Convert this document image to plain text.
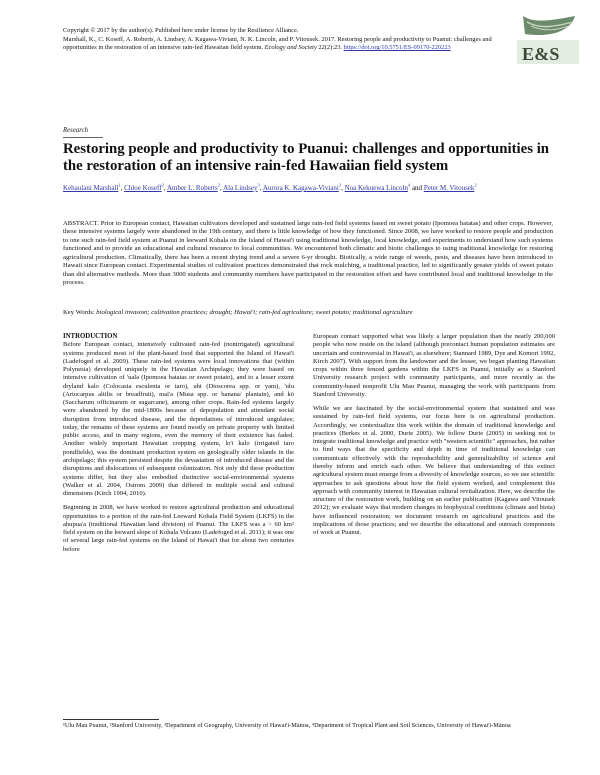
Copyright © 2017 by the author(s). Published here under license by the Resilience Alliance.
Marshall, K., C. Koseff, A. Roberts, A. Lindsey, A. Kagawa-Viviani, N. K. Lincoln, and P. Vitousek. 2017. Restoring people and productivity to Puanui: challenges and opportunities in the restoration of an intensive rain-fed Hawaiian field system. Ecology and Society 22(2):23. https://doi.org/10.5751/ES-09170-220223	E&S
Research
Restoring people and productivity to Puanui: challenges and opportunities in the restoration of an intensive rain-fed Hawaiian field system
Kehaulani Marshall$^1$, Chloe Koseff$^2$, Amber L. Roberts$^2$, Ala Lindsey$^3$, Aurora K. Kagawa-Viviani$^3$, Noa Kekuewa Lincoln$^4$ and Peter M. Vitousek$^2$
ABSTRACT. Prior to European contact, Hawaiian cultivators developed and sustained large rain-fed field systems based on sweet potato (Ipomoea batatas) and other crops. However, these intensive systems largely were abandoned in the 19th century, and there is little knowledge of how they functioned. Since 2008, we have worked to restore people and production to one such rain-fed field system at Puanui in leeward Kohala on the Island of Hawai'i using traditional knowledge, local knowledge, and experiments to understand how such systems functioned and to provide an educational and cultural resource to local communities. We encountered both climatic and biotic challenges to using traditional knowledge for restoring agricultural production. Climatically, there has been a recent drying trend and a severe 6-yr drought. Biotically, a wide range of weeds, pests, and diseases have been introduced to Hawaii since European contact. Experimental studies of cultivation practices demonstrated that rock mulching, a traditional practice, led to significantly greater yields of sweet potato than did alternative methods. More than 3000 students and community members have participated in the restoration effort and have contributed local and traditional knowledge in the process.
Key Words: biological invasion; cultivation practices; drought; Hawai'i; rain-fed agriculture; sweet potato; traditional agriculture
INTRODUCTION

Before European contact, intensively cultivated rain-fed (nonirrigated) agricultural systems produced most of the plant-based food that supported the Island of Hawai'i (Ladefoged et al. 2009). These rain-fed systems were local innovations that (within Polynesia) developed uniquely in the Hawaiian Archipelago; they were based on intensive cultivation of 'uala (Ipomoea batatas or sweet potato), and to a lesser extent dryland kalo (Colocasia esculenta or taro), uhi (Dioscorea spp. or yam), 'ulu (Artocarpus altilis or breadfruit), mai'a (Musa spp. or banana/ plantain), and kō (Saccharum officinarum or sugarcane), among other crops. Rain-fed systems largely were abandoned by the mid-1800s because of depopulation and attendant social disruption from introduced disease, and the depredations of introduced ungulates; today, the remains of these systems are found mostly on private property with limited public access, and in many regions, even the memory of their existence has faded. Another widely important Hawaiian cropping system, lo'i kalo (irrigated taro pondfields), was the dominant production system on geologically older islands in the archipelago; this system persisted despite the devastation of introduced disease and the disruptions and dislocations of subsequent colonization. Not only did these production systems differ, but they also embodied distinctive social-environmental systems (Walker et al. 2004, Ostrom 2009) that differed in multiple social and cultural dimensions (Kirch 1994, 2010).

Beginning in 2008, we have worked to restore agricultural production and educational opportunities to a portion of the rain-fed Leeward Kohala Field System (LKFS) in the ahupua'a (traditional Hawaiian land division) of Puanui. The LKFS was a > 60 km² field system on the leeward slope of Kohala Volcano (Ladefoged et al. 2011); it was one of several large rain-fed systems on the Island of Hawai'i that for about two centuries before

European contact supported what was likely a larger population than the nearly 200,000 people who now reside on the island (although precontact human population estimates are uncertain and controversial in Hawai'i, as elsewhere; Stannard 1989, Dye and Komori 1992, Kirch 2007). With support from the landowner and the lessee, we began planting Hawaiian crops within three fenced gardens within the LKFS in Puanui, initially as a Stanford University research project with community participants, and more recently as the community-based nonprofit Ulu Mau Puanui, managing the work with participants from Stanford University.

While we are fascinated by the social-environmental system that sustained and was sustained by rain-fed field systems, our focus here is on agricultural production. Accordingly, we contextualize this work within the domain of traditional knowledge and practices (Berkes et al. 2000, Durie 2005). We follow Durie (2005) in seeking not to integrate traditional knowledge and practice with "western scientific" approaches, but rather to find ways that the specificity and depth in time of traditional knowledge can communicate effectively with the reproducibility and generalizability of science and thereby inform and enrich each other. We believe that understanding of this extinct agricultural system must emerge from a diversity of knowledge sources, so we use scientific approaches to ask questions about how the field system worked, and complement this approach with community interest in Hawaiian cultural revitalization. Here, we describe the structure of the restoration work, building on an earlier publication (Kagawa and Vitousek 2012); we evaluate ways that modern changes in biophysical conditions (climate and biota) have influenced restoration; we document research on agricultural practices and the implications of those practices; and we describe the educational and outreach components of work at Puanui.

¹Ulu Mau Puanui, ²Stanford University, ³Department of Geography, University of Hawai'i-Mānoa, ⁴Department of Tropical Plant and Soil Sciences, University of Hawai'i-Mānoa
